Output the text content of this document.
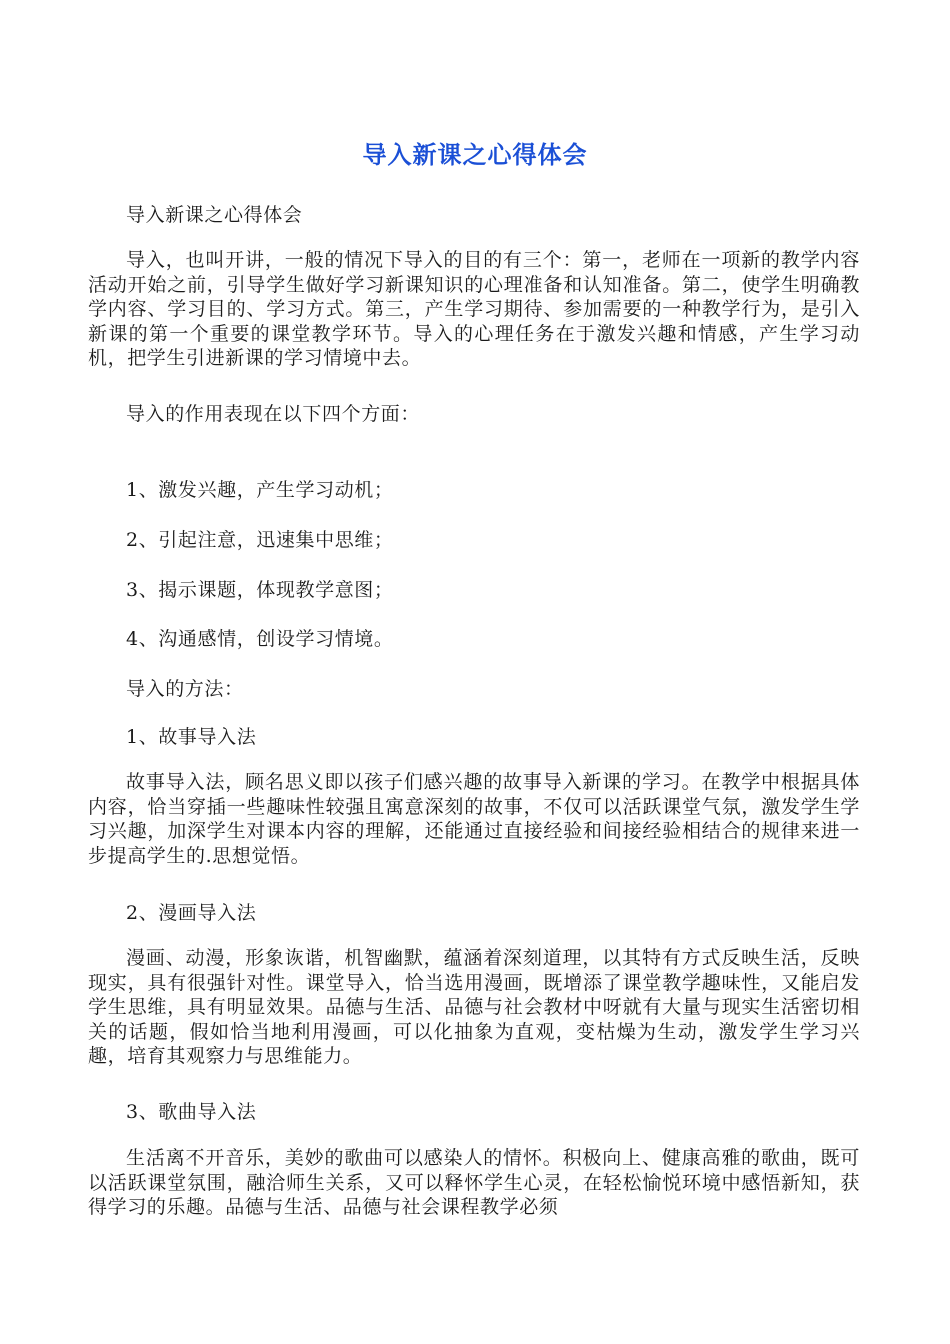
导入新课之心得体会
导入新课之心得体会

导入，也叫开讲，一般的情况下导入的目的有三个：第一，老师在一项新的教学内容活动开始之前，引导学生做好学习新课知识的心理准备和认知准备。第二，使学生明确教学内容、学习目的、学习方式。第三，产生学习期待、参加需要的一种教学行为，是引入新课的第一个重要的课堂教学环节。导入的心理任务在于激发兴趣和情感，产生学习动机，把学生引进新课的学习情境中去。

导入的作用表现在以下四个方面：
1、激发兴趣，产生学习动机；
2、引起注意，迅速集中思维；
3、揭示课题，体现教学意图；
4、沟通感情，创设学习情境。
导入的方法：
1、故事导入法

故事导入法，顾名思义即以孩子们感兴趣的故事导入新课的学习。在教学中根据具体内容，恰当穿插一些趣味性较强且寓意深刻的故事，不仅可以活跃课堂气氛，激发学生学习兴趣，加深学生对课本内容的理解，还能通过直接经验和间接经验相结合的规律来进一步提高学生的.思想觉悟。

2、漫画导入法

漫画、动漫，形象诙谐，机智幽默，蕴涵着深刻道理，以其特有方式反映生活，反映现实，具有很强针对性。课堂导入，恰当选用漫画，既增添了课堂教学趣味性，又能启发学生思维，具有明显效果。品德与生活、品德与社会教材中呀就有大量与现实生活密切相关的话题，假如恰当地利用漫画，可以化抽象为直观，变枯燥为生动，激发学生学习兴趣，培育其观察力与思维能力。

3、歌曲导入法

生活离不开音乐，美妙的歌曲可以感染人的情怀。积极向上、健康高雅的歌曲，既可以活跃课堂氛围，融洽师生关系，又可以释怀学生心灵，在轻松愉悦环境中感悟新知，获得学习的乐趣。品德与生活、品德与社会课程教学必须
